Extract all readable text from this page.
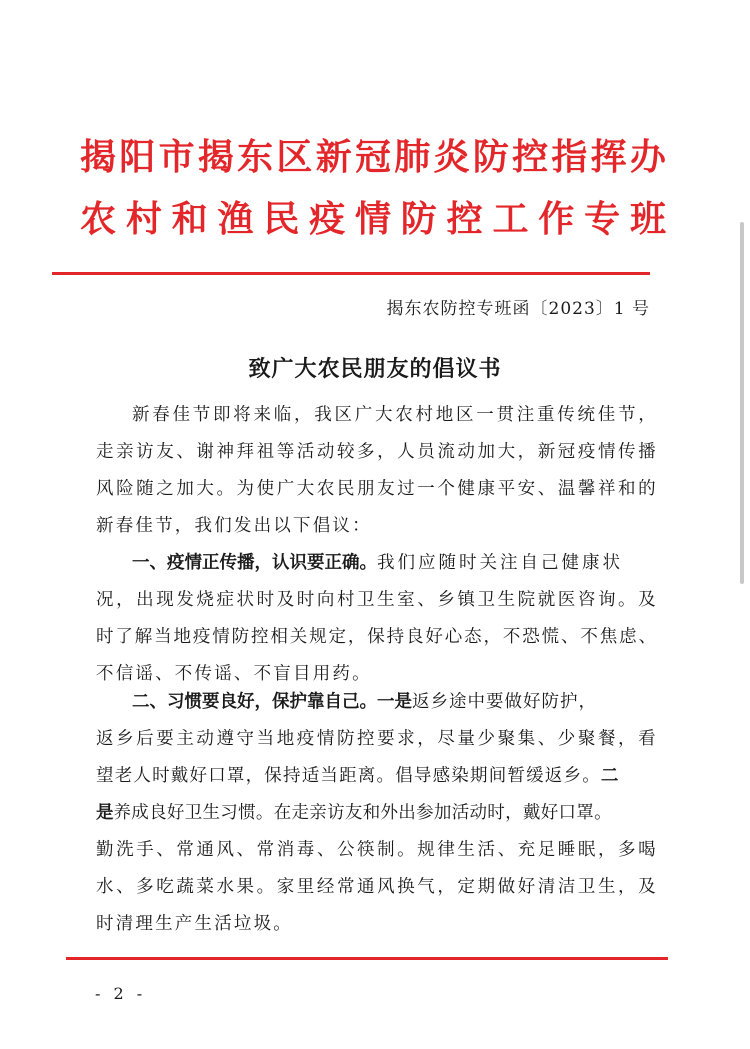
揭 阳 市 揭 东 区 新 冠 肺 炎 防 控 指 挥 办
农 村 和 渔 民 疫 情 防 控 工 作 专 班
揭东农防控专班函〔2023〕1 号
致广大农民朋友的倡议书
新 春 佳 节 即 将 来 临 ， 我 区 广 大 农 村 地 区 一 贯 注 重 传 统 佳 节 ，
走 亲 访 友 、 谢 神 拜 祖 等 活 动 较 多 ， 人 员 流 动 加 大 ， 新 冠 疫 情 传 播
风 险 随 之 加 大 。 为 使 广 大 农 民 朋 友 过 一 个 健 康 平 安 、 温 馨 祥 和 的
新春佳节，我们发出以下倡议：
一、疫情正传播，认识要正确。 我们应随时关注自己健康状
况 ， 出 现 发 烧 症 状 时 及 时 向 村 卫 生 室 、 乡 镇 卫 生 院 就 医 咨 询 。 及
时 了 解 当 地 疫 情 防 控 相 关 规 定 ， 保 持 良 好 心 态 ， 不 恐 慌 、 不 焦 虑 、
不信谣、不传谣、不盲目用药。
二、习惯要良好，保护靠自己。 一是 返乡途中要做好防护，
返 乡 后 要 主 动 遵 守 当 地 疫 情 防 控 要 求 ， 尽 量 少 聚 集 、 少 聚 餐 ， 看
望老人时戴好口罩，保持适当距离。倡导感染期间暂缓返乡。 二
是 养成良好卫生习惯。在走亲访友和外出参加活动时，戴好口罩。
勤 洗 手 、 常 通 风 、 常 消 毒 、 公 筷 制 。 规 律 生 活 、 充 足 睡 眠 ， 多 喝
水 、 多 吃 蔬 菜 水 果 。 家 里 经 常 通 风 换 气 ， 定 期 做 好 清 洁 卫 生 ， 及
时清理生产生活垃圾。
- 2 -
